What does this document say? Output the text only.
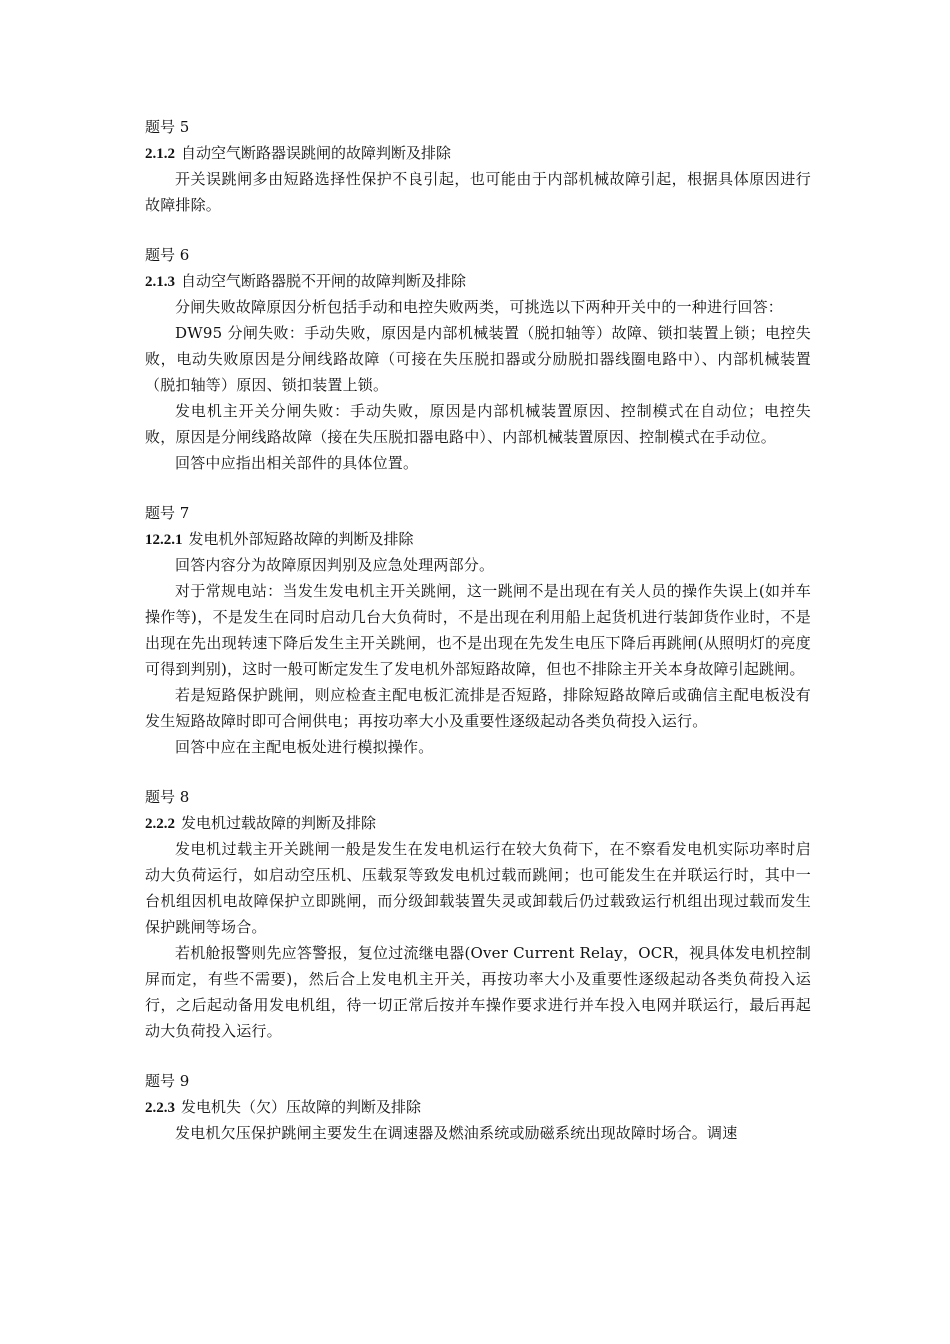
题号 5
2.1.2 自动空气断路器误跳闸的故障判断及排除

开关误跳闸多由短路选择性保护不良引起，也可能由于内部机械故障引起，根据具体原因进行故障排除。

题号 6
2.1.3 自动空气断路器脱不开闸的故障判断及排除

分闸失败故障原因分析包括手动和电控失败两类，可挑选以下两种开关中的一种进行回答：

DW95 分闸失败：手动失败，原因是内部机械装置（脱扣轴等）故障、锁扣装置上锁；电控失败，电动失败原因是分闸线路故障（可接在失压脱扣器或分励脱扣器线圈电路中）、内部机械装置（脱扣轴等）原因、锁扣装置上锁。

发电机主开关分闸失败：手动失败，原因是内部机械装置原因、控制模式在自动位；电控失败，原因是分闸线路故障（接在失压脱扣器电路中）、内部机械装置原因、控制模式在手动位。

回答中应指出相关部件的具体位置。

题号 7
12.2.1 发电机外部短路故障的判断及排除

回答内容分为故障原因判别及应急处理两部分。

对于常规电站：当发生发电机主开关跳闸，这一跳闸不是出现在有关人员的操作失误上(如并车操作等)，不是发生在同时启动几台大负荷时，不是出现在利用船上起货机进行装卸货作业时，不是出现在先出现转速下降后发生主开关跳闸，也不是出现在先发生电压下降后再跳闸(从照明灯的亮度可得到判别)，这时一般可断定发生了发电机外部短路故障，但也不排除主开关本身故障引起跳闸。

若是短路保护跳闸，则应检查主配电板汇流排是否短路，排除短路故障后或确信主配电板没有发生短路故障时即可合闸供电；再按功率大小及重要性逐级起动各类负荷投入运行。

回答中应在主配电板处进行模拟操作。

题号 8
2.2.2 发电机过载故障的判断及排除

发电机过载主开关跳闸一般是发生在发电机运行在较大负荷下，在不察看发电机实际功率时启动大负荷运行，如启动空压机、压载泵等致发电机过载而跳闸；也可能发生在并联运行时，其中一台机组因机电故障保护立即跳闸，而分级卸载装置失灵或卸载后仍过载致运行机组出现过载而发生保护跳闸等场合。

若机舱报警则先应答警报，复位过流继电器(Over Current Relay，OCR，视具体发电机控制屏而定，有些不需要)，然后合上发电机主开关，再按功率大小及重要性逐级起动各类负荷投入运行，之后起动备用发电机组，待一切正常后按并车操作要求进行并车投入电网并联运行，最后再起动大负荷投入运行。

题号 9
2.2.3 发电机失（欠）压故障的判断及排除

发电机欠压保护跳闸主要发生在调速器及燃油系统或励磁系统出现故障时场合。调速
